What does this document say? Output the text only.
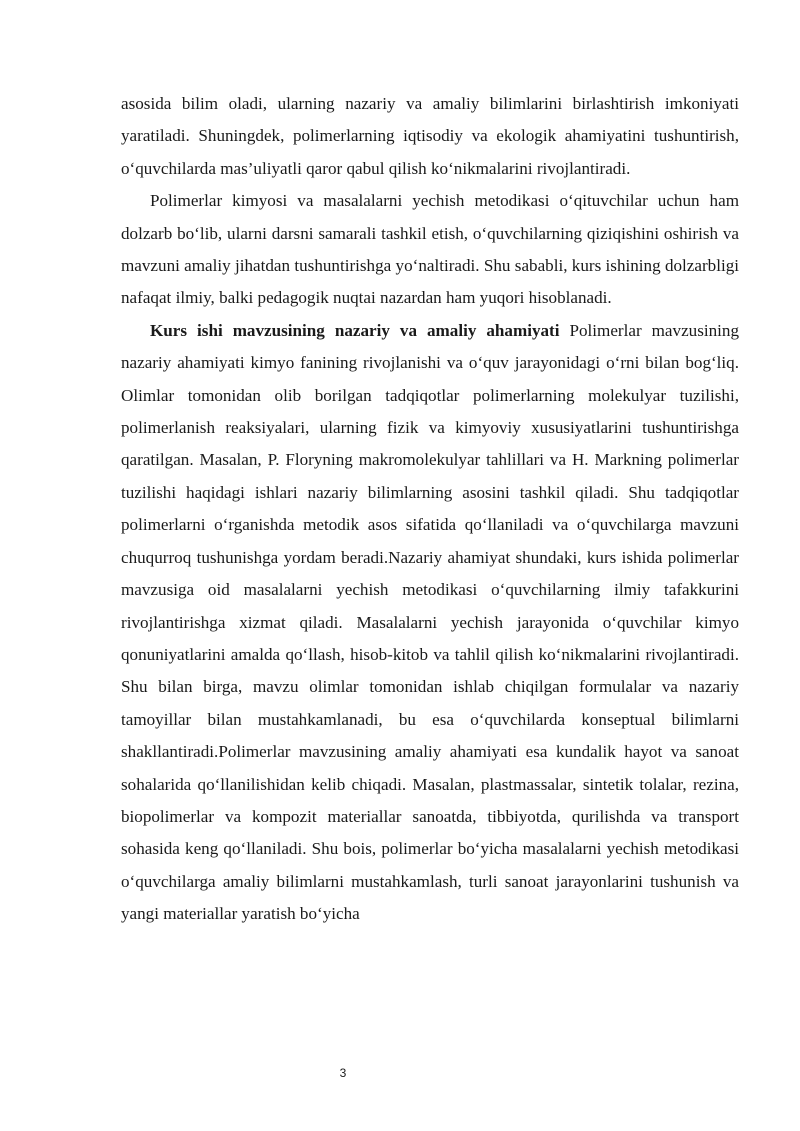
asosida bilim oladi, ularning nazariy va amaliy bilimlarini birlashtirish imkoniyati yaratiladi. Shuningdek, polimerlarning iqtisodiy va ekologik ahamiyatini tushuntirish, o‘quvchilarda mas’uliyatli qaror qabul qilish ko‘nikmalarini rivojlantiradi.

Polimerlar kimyosi va masalalarni yechish metodikasi o‘qituvchilar uchun ham dolzarb bo‘lib, ularni darsni samarali tashkil etish, o‘quvchilarning qiziqishini oshirish va mavzuni amaliy jihatdan tushuntirishga yo‘naltiradi. Shu sababli, kurs ishining dolzarbligi nafaqat ilmiy, balki pedagogik nuqtai nazardan ham yuqori hisoblanadi.

Kurs ishi mavzusining nazariy va amaliy ahamiyati Polimerlar mavzusining nazariy ahamiyati kimyo fanining rivojlanishi va o‘quv jarayonidagi o‘rni bilan bog‘liq. Olimlar tomonidan olib borilgan tadqiqotlar polimerlarning molekulyar tuzilishi, polimerlanish reaksiyalari, ularning fizik va kimyoviy xususiyatlarini tushuntirishga qaratilgan. Masalan, P. Floryning makromolekulyar tahlillari va H. Markning polimerlar tuzilishi haqidagi ishlari nazariy bilimlarning asosini tashkil qiladi. Shu tadqiqotlar polimerlarni o‘rganishda metodik asos sifatida qo‘llaniladi va o‘quvchilarga mavzuni chuqurroq tushunishga yordam beradi.Nazariy ahamiyat shundaki, kurs ishida polimerlar mavzusiga oid masalalarni yechish metodikasi o‘quvchilarning ilmiy tafakkurini rivojlantirishga xizmat qiladi. Masalalarni yechish jarayonida o‘quvchilar kimyo qonuniyatlarini amalda qo‘llash, hisob-kitob va tahlil qilish ko‘nikmalarini rivojlantiradi. Shu bilan birga, mavzu olimlar tomonidan ishlab chiqilgan formulalar va nazariy tamoyillar bilan mustahkamlanadi, bu esa o‘quvchilarda konseptual bilimlarni shakllantiradi.Polimerlar mavzusining amaliy ahamiyati esa kundalik hayot va sanoat sohalarida qo‘llanilishidan kelib chiqadi. Masalan, plastmassalar, sintetik tolalar, rezina, biopolimerlar va kompozit materiallar sanoatda, tibbiyotda, qurilishda va transport sohasida keng qo‘llaniladi. Shu bois, polimerlar bo‘yicha masalalarni yechish metodikasi o‘quvchilarga amaliy bilimlarni mustahkamlash, turli sanoat jarayonlarini tushunish va yangi materiallar yaratish bo‘yicha

3
